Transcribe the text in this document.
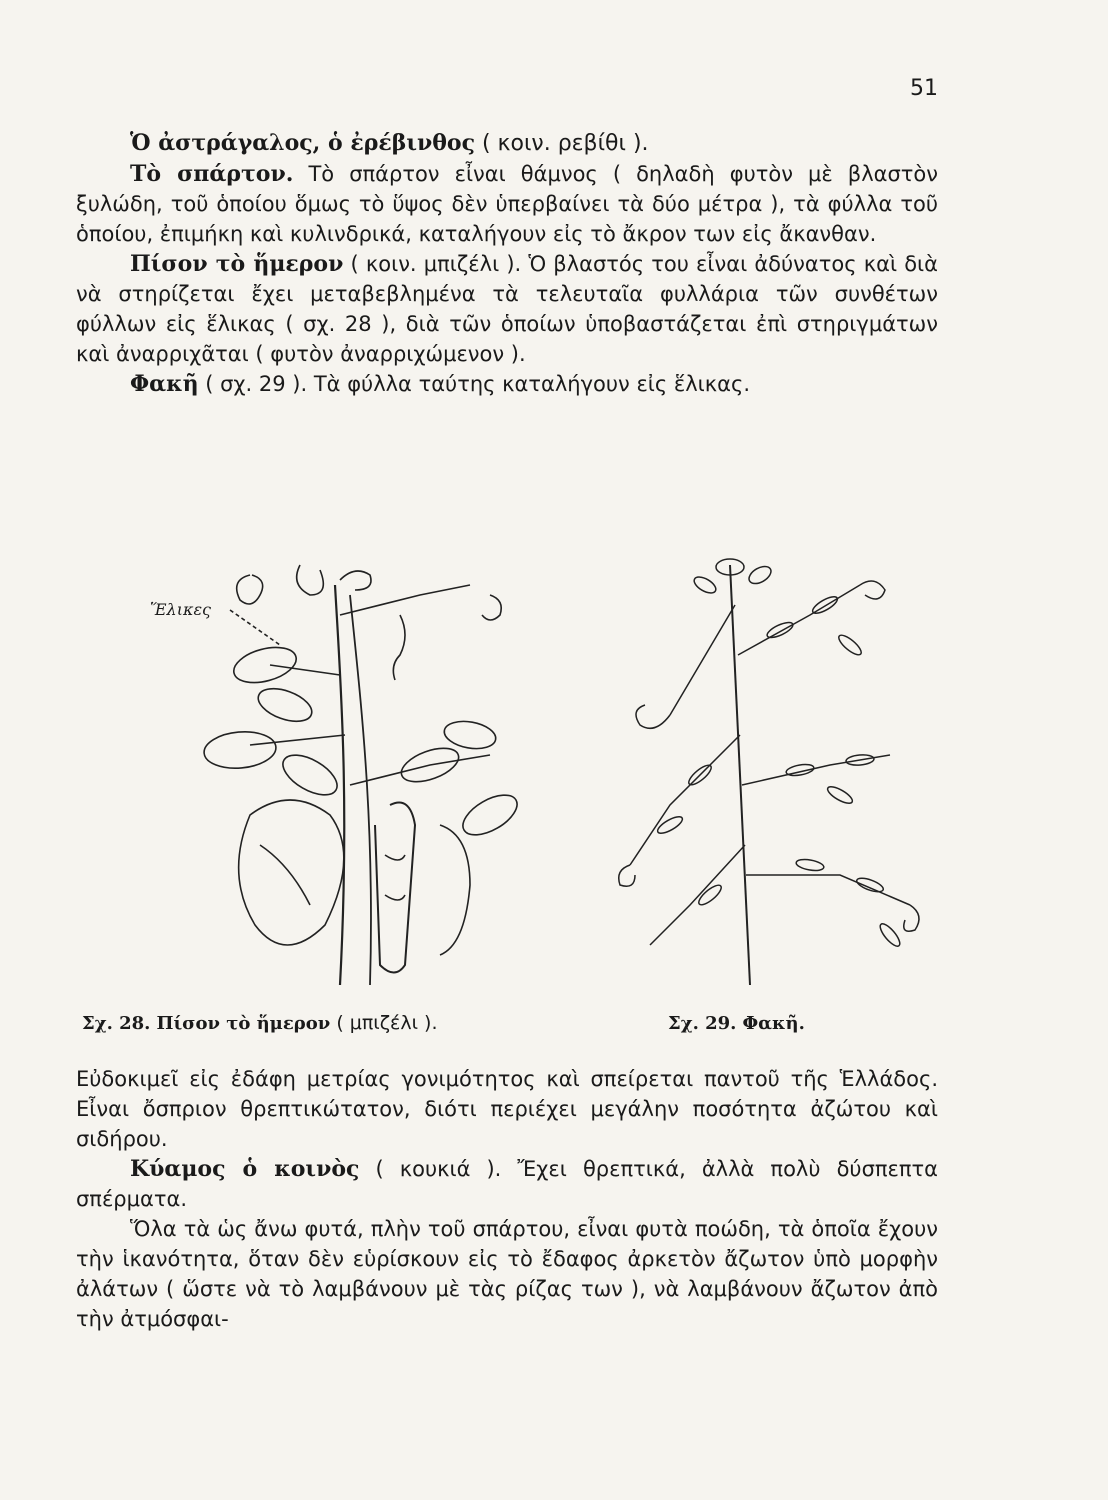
51

Ὁ ἀστράγαλος, ὁ ἐρέβινθος ( κοιν. ρεβίθι ).

Τὸ σπάρτον. Τὸ σπάρτον εἶναι θάμνος ( δηλαδὴ φυτὸν μὲ βλαστὸν ξυλώδη, τοῦ ὁποίου ὅμως τὸ ὕψος δὲν ὑπερβαίνει τὰ δύο μέτρα ), τὰ φύλλα τοῦ ὁποίου, ἐπιμήκη καὶ κυλινδρικά, καταλήγουν εἰς τὸ ἄκρον των εἰς ἄκανθαν.

Πίσον τὸ ἥμερον ( κοιν. μπιζέλι ). Ὁ βλαστός του εἶναι ἀδύνατος καὶ διὰ νὰ στηρίζεται ἔχει μεταβεβλημένα τὰ τελευταῖα φυλλάρια τῶν συνθέτων φύλλων εἰς ἕλικας ( σχ. 28 ), διὰ τῶν ὁποίων ὑποβαστάζεται ἐπὶ στηριγμάτων καὶ ἀναρριχᾶται ( φυτὸν ἀναρριχώμενον ).

Φακῆ ( σχ. 29 ). Τὰ φύλλα ταύτης καταλήγουν εἰς ἕλικας.

Ἕλικες
Σχ. 28. Πίσον τὸ ἥμερον ( μπιζέλι ).	Σχ. 29. Φακῆ.

Εὐδοκιμεῖ εἰς ἐδάφη μετρίας γονιμότητος καὶ σπείρεται παντοῦ τῆς Ἑλλάδος. Εἶναι ὄσπριον θρεπτικώτατον, διότι περιέχει μεγάλην ποσότητα ἀζώτου καὶ σιδήρου.

Κύαμος ὁ κοινὸς ( κουκιά ). Ἔχει θρεπτικά, ἀλλὰ πολὺ δύσπεπτα σπέρματα.

Ὅλα τὰ ὡς ἄνω φυτά, πλὴν τοῦ σπάρτου, εἶναι φυτὰ ποώδη, τὰ ὁποῖα ἔχουν τὴν ἱκανότητα, ὅταν δὲν εὑρίσκουν εἰς τὸ ἔδαφος ἀρκετὸν ἄζωτον ὑπὸ μορφὴν ἀλάτων ( ὥστε νὰ τὸ λαμβάνουν μὲ τὰς ρίζας των ), νὰ λαμβάνουν ἄζωτον ἀπὸ τὴν ἀτμόσφαι-
